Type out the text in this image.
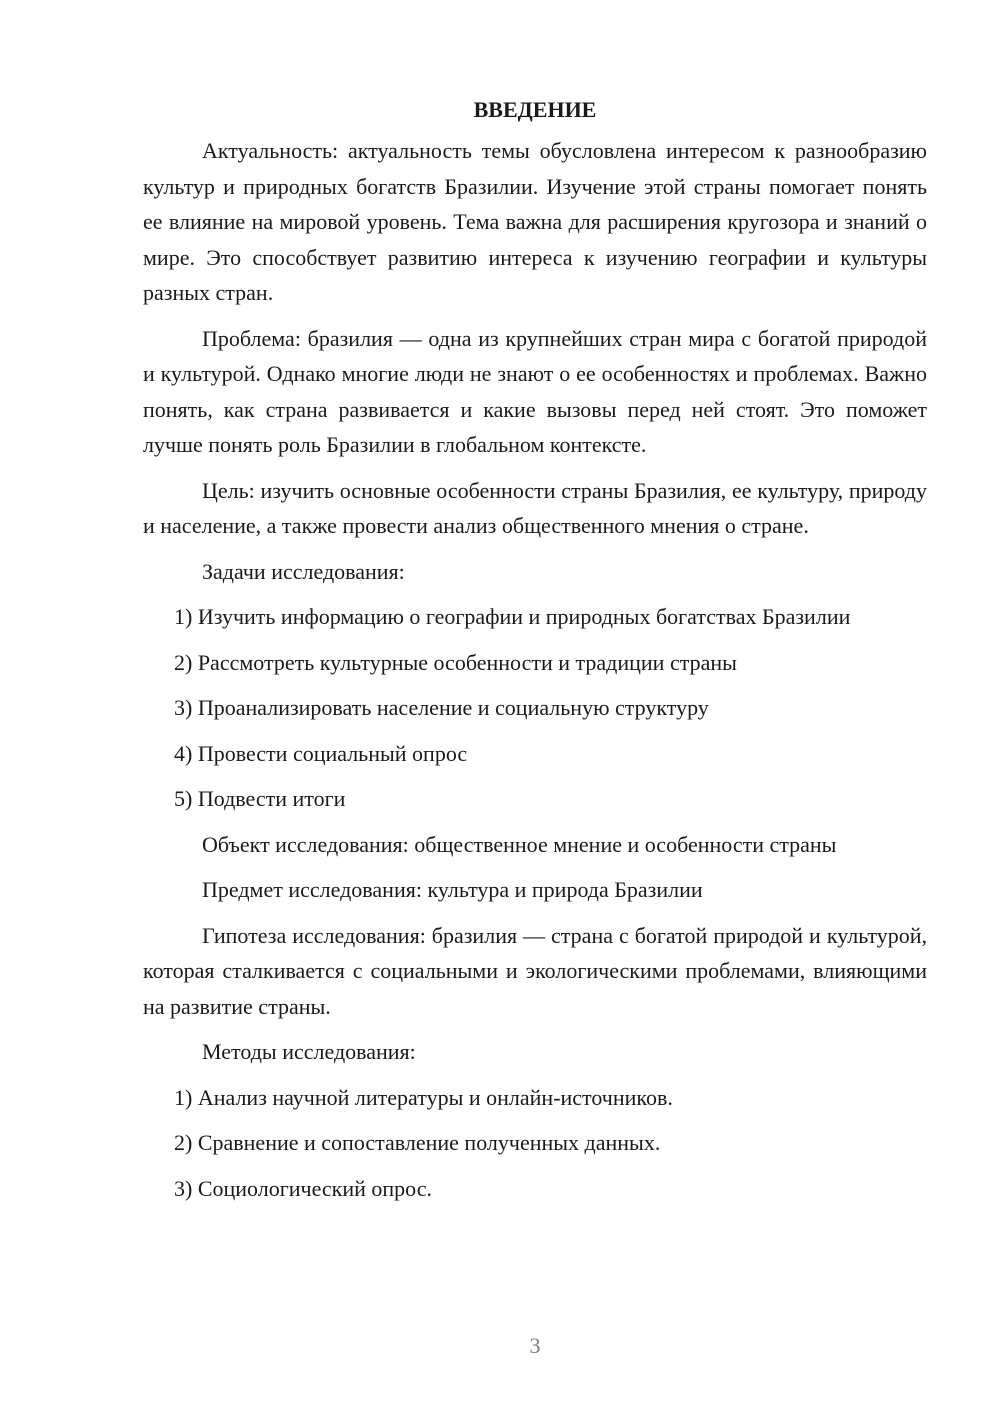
ВВЕДЕНИЕ

Актуальность: актуальность темы обусловлена интересом к разнообразию культур и природных богатств Бразилии. Изучение этой страны помогает понять ее влияние на мировой уровень. Тема важна для расширения кругозора и знаний о мире. Это способствует развитию интереса к изучению географии и культуры разных стран.

Проблема: бразилия — одна из крупнейших стран мира с богатой природой и культурой. Однако многие люди не знают о ее особенностях и проблемах. Важно понять, как страна развивается и какие вызовы перед ней стоят. Это поможет лучше понять роль Бразилии в глобальном контексте.

Цель: изучить основные особенности страны Бразилия, ее культуру, природу и население, а также провести анализ общественного мнения о стране.

Задачи исследования:

1) Изучить информацию о географии и природных богатствах Бразилии

2) Рассмотреть культурные особенности и традиции страны

3) Проанализировать население и социальную структуру

4) Провести социальный опрос

5) Подвести итоги

Объект исследования: общественное мнение и особенности страны

Предмет исследования: культура и природа Бразилии

Гипотеза исследования: бразилия — страна с богатой природой и культурой, которая сталкивается с социальными и экологическими проблемами, влияющими на развитие страны.

Методы исследования:

1) Анализ научной литературы и онлайн-источников.

2) Сравнение и сопоставление полученных данных.

3) Социологический опрос.

3
